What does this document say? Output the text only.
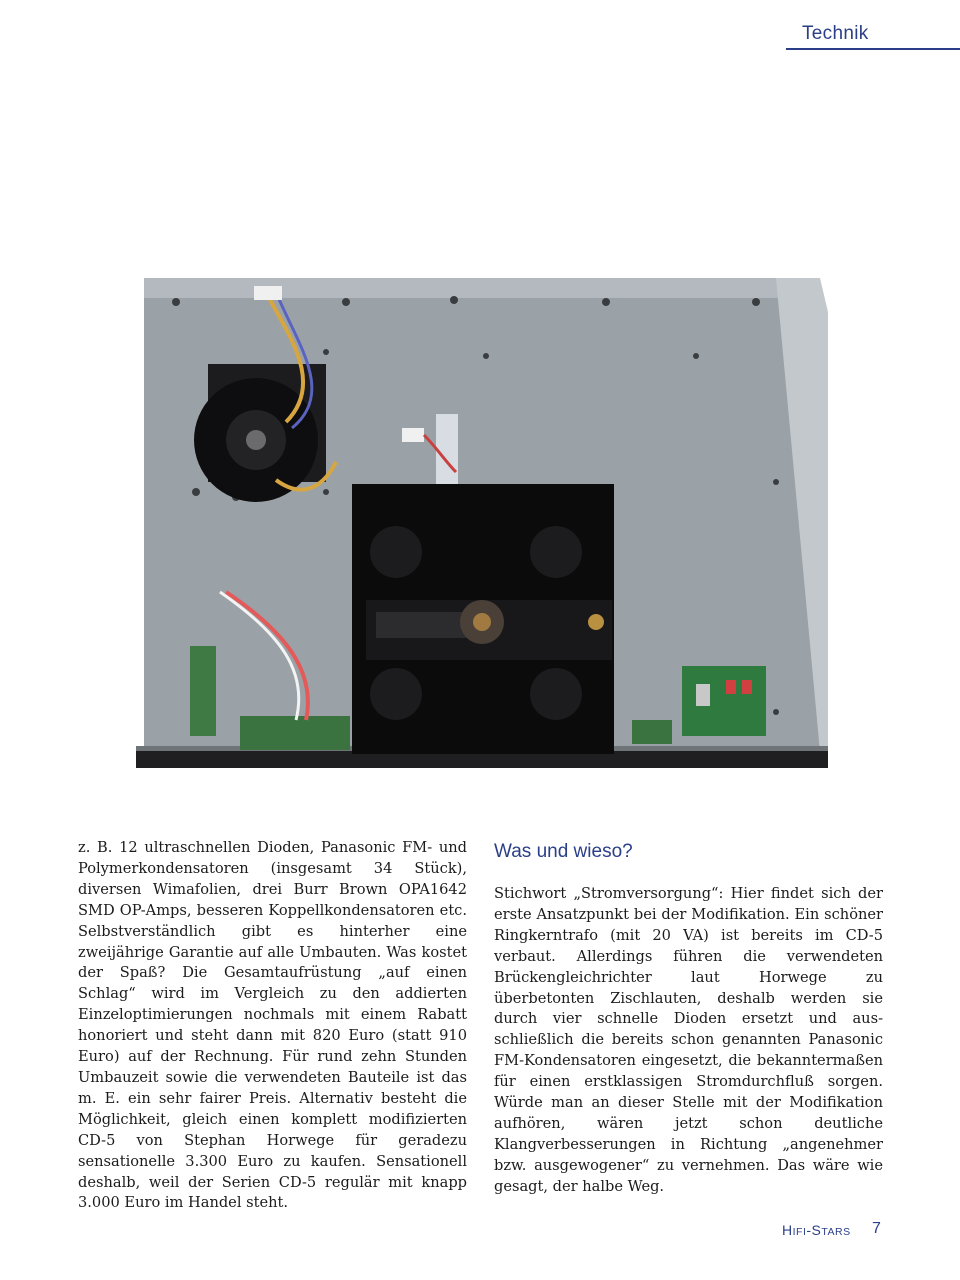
Technik

z. B. 12 ultraschnellen Dioden, Panasonic FM- und Polymerkondensatoren (insgesamt 34 Stück), diversen Wimafolien, drei Burr Brown OPA1642 SMD OP-Amps, besseren Koppellkondensatoren etc. Selbstverständlich gibt es hinterher eine zweijährige Garantie auf alle Umbauten. Was kostet der Spaß? Die Gesamtaufrüstung „auf einen Schlag“ wird im Vergleich zu den addierten Einzeloptimierungen nochmals mit einem Rabatt honoriert und steht dann mit 820 Euro (statt 910 Euro) auf der Rechnung. Für rund zehn Stunden Umbauzeit sowie die verwendeten Bauteile ist das m. E. ein sehr fairer Preis. Alternativ besteht die Möglichkeit, gleich einen komplett modifizierten CD-5 von Stephan Horwege für geradezu sensationelle 3.300 Euro zu kaufen. Sensationell deshalb, weil der Serien CD-5 regulär mit knapp 3.000 Euro im Handel steht.

Was und wieso?

Stichwort „Stromversorgung“: Hier findet sich der erste Ansatzpunkt bei der Modifikation. Ein schöner Ringkerntrafo (mit 20 VA) ist bereits im CD-5 verbaut. Allerdings führen die verwendeten Brückengleichrichter laut Horwege zu überbetonten Zischlauten, deshalb werden sie durch vier schnelle Dioden ersetzt und ausschließlich die bereits schon genannten Panasonic FM-Kondensatoren eingesetzt, die bekanntermaßen für einen erstklassigen Stromdurchfluß sorgen. Würde man an dieser Stelle mit der Modifikation aufhören, wären jetzt schon deutliche Klangverbesserungen in Richtung „angenehmer bzw. ausgewogener“ zu vernehmen. Das wäre wie gesagt, der halbe Weg.

HIFI-STARS 7
